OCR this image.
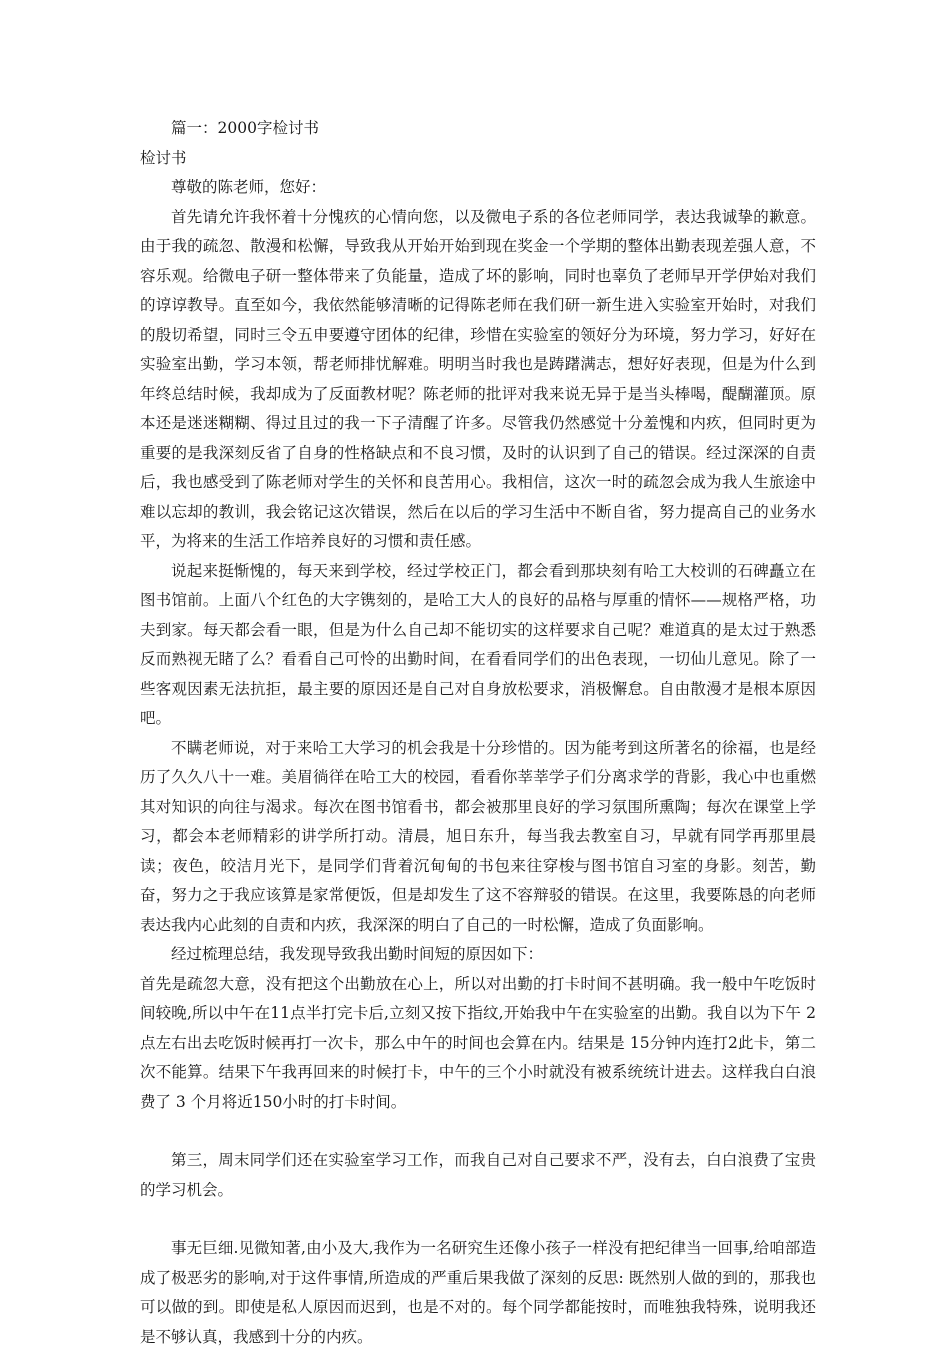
篇一：2000字检讨书

检讨书

尊敬的陈老师，您好：

首先请允许我怀着十分愧疚的心情向您，以及微电子系的各位老师同学，表达我诚挚的歉意。由于我的疏忽、散漫和松懈，导致我从开始开始到现在奖金一个学期的整体出勤表现差强人意，不容乐观。给微电子研一整体带来了负能量，造成了坏的影响，同时也辜负了老师早开学伊始对我们的谆谆教导。直至如今，我依然能够清晰的记得陈老师在我们研一新生进入实验室开始时，对我们的殷切希望，同时三令五申要遵守团体的纪律，珍惜在实验室的领好分为环境，努力学习，好好在实验室出勤，学习本领，帮老师排忧解难。明明当时我也是踌躇满志，想好好表现，但是为什么到年终总结时候，我却成为了反面教材呢？陈老师的批评对我来说无异于是当头棒喝，醍醐灌顶。原本还是迷迷糊糊、得过且过的我一下子清醒了许多。尽管我仍然感觉十分羞愧和内疚，但同时更为重要的是我深刻反省了自身的性格缺点和不良习惯，及时的认识到了自己的错误。经过深深的自责后，我也感受到了陈老师对学生的关怀和良苦用心。我相信，这次一时的疏忽会成为我人生旅途中难以忘却的教训，我会铭记这次错误，然后在以后的学习生活中不断自省，努力提高自己的业务水平，为将来的生活工作培养良好的习惯和责任感。

说起来挺惭愧的，每天来到学校，经过学校正门，都会看到那块刻有哈工大校训的石碑矗立在图书馆前。上面八个红色的大字镌刻的，是哈工大人的良好的品格与厚重的情怀——规格严格，功夫到家。每天都会看一眼，但是为什么自己却不能切实的这样要求自己呢？难道真的是太过于熟悉反而熟视无睹了么？看看自己可怜的出勤时间，在看看同学们的出色表现，一切仙儿意见。除了一些客观因素无法抗拒，最主要的原因还是自己对自身放松要求，消极懈怠。自由散漫才是根本原因吧。

不瞒老师说，对于来哈工大学习的机会我是十分珍惜的。因为能考到这所著名的徐福，也是经历了久久八十一难。美眉徜徉在哈工大的校园，看看你莘莘学子们分离求学的背影，我心中也重燃其对知识的向往与渴求。每次在图书馆看书，都会被那里良好的学习氛围所熏陶；每次在课堂上学习，都会本老师精彩的讲学所打动。清晨，旭日东升，每当我去教室自习，早就有同学再那里晨读；夜色，皎洁月光下，是同学们背着沉甸甸的书包来往穿梭与图书馆自习室的身影。刻苦，勤奋，努力之于我应该算是家常便饭，但是却发生了这不容辩驳的错误。在这里，我要陈恳的向老师表达我内心此刻的自责和内疚，我深深的明白了自己的一时松懈，造成了负面影响。

经过梳理总结，我发现导致我出勤时间短的原因如下：

首先是疏忽大意，没有把这个出勤放在心上，所以对出勤的打卡时间不甚明确。我一般中午吃饭时间较晚,所以中午在11点半打完卡后,立刻又按下指纹,开始我中午在实验室的出勤。我自以为下午 2 点左右出去吃饭时候再打一次卡，那么中午的时间也会算在内。结果是 15分钟内连打2此卡，第二次不能算。结果下午我再回来的时候打卡，中午的三个小时就没有被系统统计进去。这样我白白浪费了 3 个月将近150小时的打卡时间。

第三，周末同学们还在实验室学习工作，而我自己对自己要求不严，没有去，白白浪费了宝贵的学习机会。

事无巨细.见微知著,由小及大,我作为一名研究生还像小孩子一样没有把纪律当一回事,给咱部造成了极恶劣的影响,对于这件事情,所造成的严重后果我做了深刻的反思: 既然别人做的到的，那我也可以做的到。即使是私人原因而迟到，也是不对的。每个同学都能按时，而唯独我特殊，说明我还是不够认真，我感到十分的内疚。
